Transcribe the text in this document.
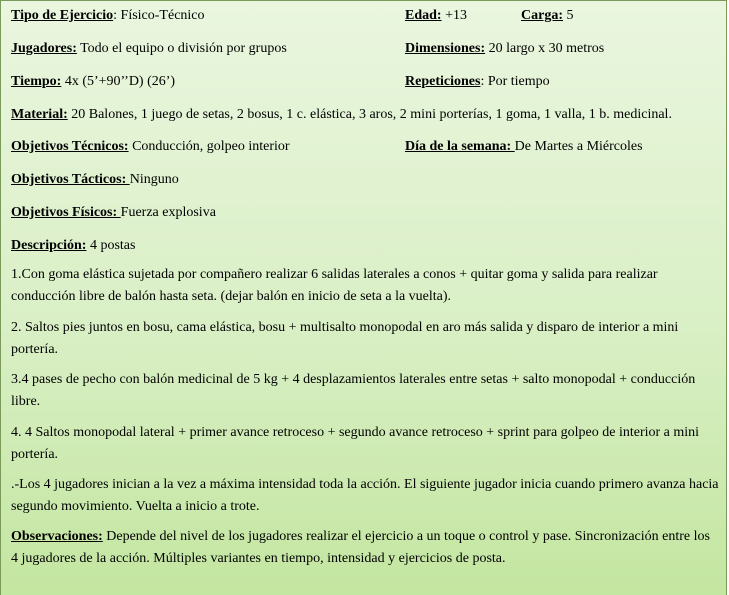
Tipo de Ejercicio: Físico-Técnico	Edad: +13	Carga: 5
Jugadores: Todo el equipo o división por grupos	Dimensiones: 20 largo x 30 metros
Tiempo: 4x (5’+90’’D) (26’)	Repeticiones: Por tiempo
Material: 20 Balones, 1 juego de setas, 2 bosus, 1 c. elástica, 3 aros, 2 mini porterías, 1 goma, 1 valla, 1 b. medicinal.
Objetivos Técnicos: Conducción, golpeo interior	Día de la semana: De Martes a Miércoles
Objetivos Tácticos: Ninguno
Objetivos Físicos: Fuerza explosiva
Descripción: 4 postas
1.Con goma elástica sujetada por compañero realizar 6 salidas laterales a conos + quitar goma y salida para realizar conducción libre de balón hasta seta. (dejar balón en inicio de seta a la vuelta).
2. Saltos pies juntos en bosu, cama elástica, bosu + multisalto monopodal en aro más salida y disparo de interior a mini portería.
3.4 pases de pecho con balón medicinal de 5 kg + 4 desplazamientos laterales entre setas + salto monopodal + conducción libre.
4. 4 Saltos monopodal lateral + primer avance retroceso + segundo avance retroceso + sprint para golpeo de interior a mini portería.
.-Los 4 jugadores inician a la vez a máxima intensidad toda la acción. El siguiente jugador inicia cuando primero avanza hacia segundo movimiento. Vuelta a inicio a trote.
Observaciones: Depende del nivel de los jugadores realizar el ejercicio a un toque o control y pase. Sincronización entre los 4 jugadores de la acción. Múltiples variantes en tiempo, intensidad y ejercicios de posta.
